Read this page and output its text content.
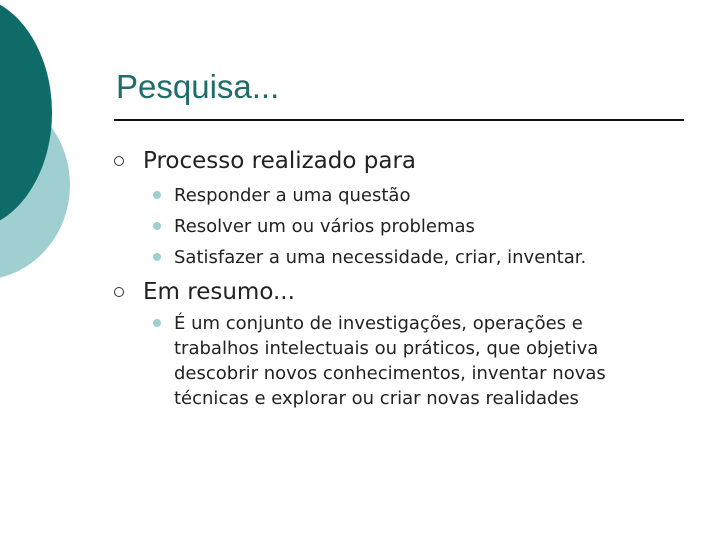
Pesquisa...
Processo realizado para
Responder a uma questão
Resolver um ou vários problemas
Satisfazer a uma necessidade, criar, inventar.
Em resumo...
É um conjunto de investigações, operações e
trabalhos intelectuais ou práticos, que objetiva
descobrir novos conhecimentos, inventar novas
técnicas e explorar ou criar novas realidades
